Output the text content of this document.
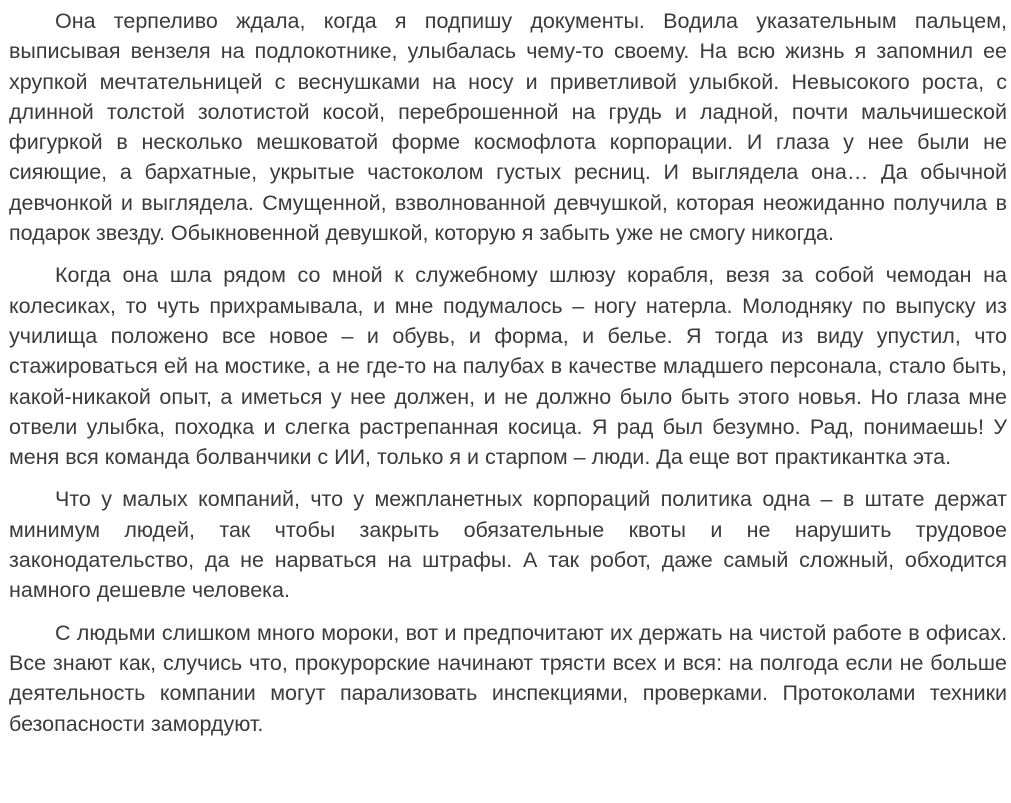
Она терпеливо ждала, когда я подпишу документы. Водила указательным пальцем, выписывая вензеля на подлокотнике, улыбалась чему-то своему. На всю жизнь я запомнил ее хрупкой мечтательницей с веснушками на носу и приветливой улыбкой. Невысокого роста, с длинной толстой золотистой косой, переброшенной на грудь и ладной, почти мальчишеской фигуркой в несколько мешковатой форме космофлота корпорации. И глаза у нее были не сияющие, а бархатные, укрытые частоколом густых ресниц. И выглядела она… Да обычной девчонкой и выглядела. Смущенной, взволнованной девчушкой, которая неожиданно получила в подарок звезду. Обыкновенной девушкой, которую я забыть уже не смогу никогда.

Когда она шла рядом со мной к служебному шлюзу корабля, везя за собой чемодан на колесиках, то чуть прихрамывала, и мне подумалось – ногу натерла. Молодняку по выпуску из училища положено все новое – и обувь, и форма, и белье. Я тогда из виду упустил, что стажироваться ей на мостике, а не где-то на палубах в качестве младшего персонала, стало быть, какой-никакой опыт, а иметься у нее должен, и не должно было быть этого новья. Но глаза мне отвели улыбка, походка и слегка растрепанная косица. Я рад был безумно. Рад, понимаешь! У меня вся команда болванчики с ИИ, только я и старпом – люди. Да еще вот практикантка эта.

Что у малых компаний, что у межпланетных корпораций политика одна – в штате держат минимум людей, так чтобы закрыть обязательные квоты и не нарушить трудовое законодательство, да не нарваться на штрафы. А так робот, даже самый сложный, обходится намного дешевле человека.

С людьми слишком много мороки, вот и предпочитают их держать на чистой работе в офисах. Все знают как, случись что, прокурорские начинают трясти всех и вся: на полгода если не больше деятельность компании могут парализовать инспекциями, проверками. Протоколами техники безопасности замордуют.
